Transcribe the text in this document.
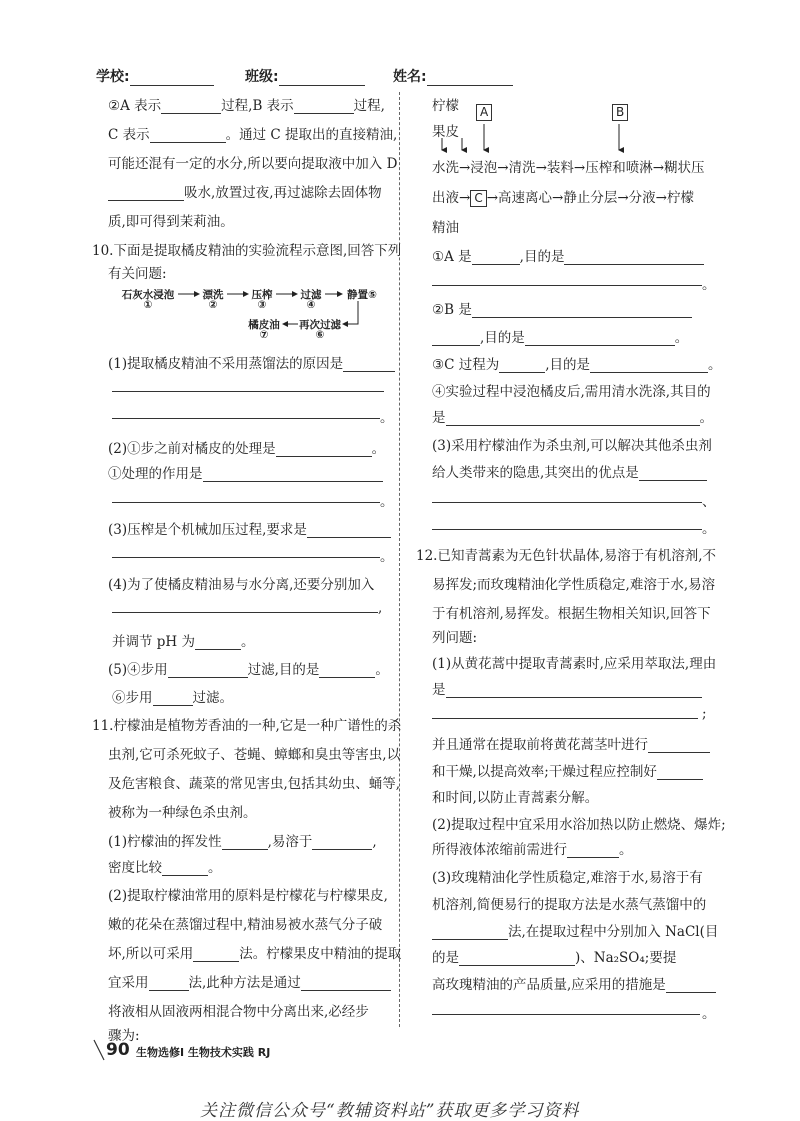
学校:	班级:	姓名:
②A 表示	过程,B 表示	过程,
C 表示	。通过 C 提取出的直接精油,
可能还混有一定的水分,所以要向提取液中加入 D
吸水,放置过夜,再过滤除去固体物
质,即可得到茉莉油。
10.下面是提取橘皮精油的实验流程示意图,回答下列
有关问题:
石灰水浸泡
①
漂洗
②
压榨
③
过滤
④
静置⑤
再次过滤
⑥
橘皮油
⑦
(1)提取橘皮精油不采用蒸馏法的原因是
。
(2)①步之前对橘皮的处理是	。
①处理的作用是
。
(3)压榨是个机械加压过程,要求是
。
(4)为了使橘皮精油易与水分离,还要分别加入
,
并调节 pH 为	。
(5)④步用	过滤,目的是	。
⑥步用	过滤。
11.柠檬油是植物芳香油的一种,它是一种广谱性的杀
虫剂,它可杀死蚊子、苍蝇、蟑螂和臭虫等害虫,以
及危害粮食、蔬菜的常见害虫,包括其幼虫、蛹等,
被称为一种绿色杀虫剂。
(1)柠檬油的挥发性	,易溶于	,
密度比较	。
(2)提取柠檬油常用的原料是柠檬花与柠檬果皮,
嫩的花朵在蒸馏过程中,精油易被水蒸气分子破
坏,所以可采用	法。柠檬果皮中精油的提取
宜采用	法,此种方法是通过
将液相从固液两相混合物中分离出来,必经步
骤为:
柠檬
果皮
A	B
水洗→浸泡→清洗→装料→压榨和喷淋→糊状压
出液→ C →高速离心→静止分层→分液→柠檬
精油
①A 是	,目的是
。
②B 是
,目的是	。
③C 过程为	,目的是	。
④实验过程中浸泡橘皮后,需用清水洗涤,其目的
是	。
(3)采用柠檬油作为杀虫剂,可以解决其他杀虫剂
给人类带来的隐患,其突出的优点是
、
。
12.已知青蒿素为无色针状晶体,易溶于有机溶剂,不
易挥发;而玫瑰精油化学性质稳定,难溶于水,易溶
于有机溶剂,易挥发。根据生物相关知识,回答下
列问题:
(1)从黄花蒿中提取青蒿素时,应采用萃取法,理由
是
;
并且通常在提取前将黄花蒿茎叶进行
和干燥,以提高效率;干燥过程应控制好
和时间,以防止青蒿素分解。
(2)提取过程中宜采用水浴加热以防止燃烧、爆炸;
所得液体浓缩前需进行	。
(3)玫瑰精油化学性质稳定,难溶于水,易溶于有
机溶剂,简便易行的提取方法是水蒸气蒸馏中的
法,在提取过程中分别加入 NaCl(目
的是	)、Na₂SO₄;要提
高玫瑰精油的产品质量,应采用的措施是
。
90 生物选修Ⅰ 生物技术实践 RJ
关注微信公众号“教辅资料站”获取更多学习资料
